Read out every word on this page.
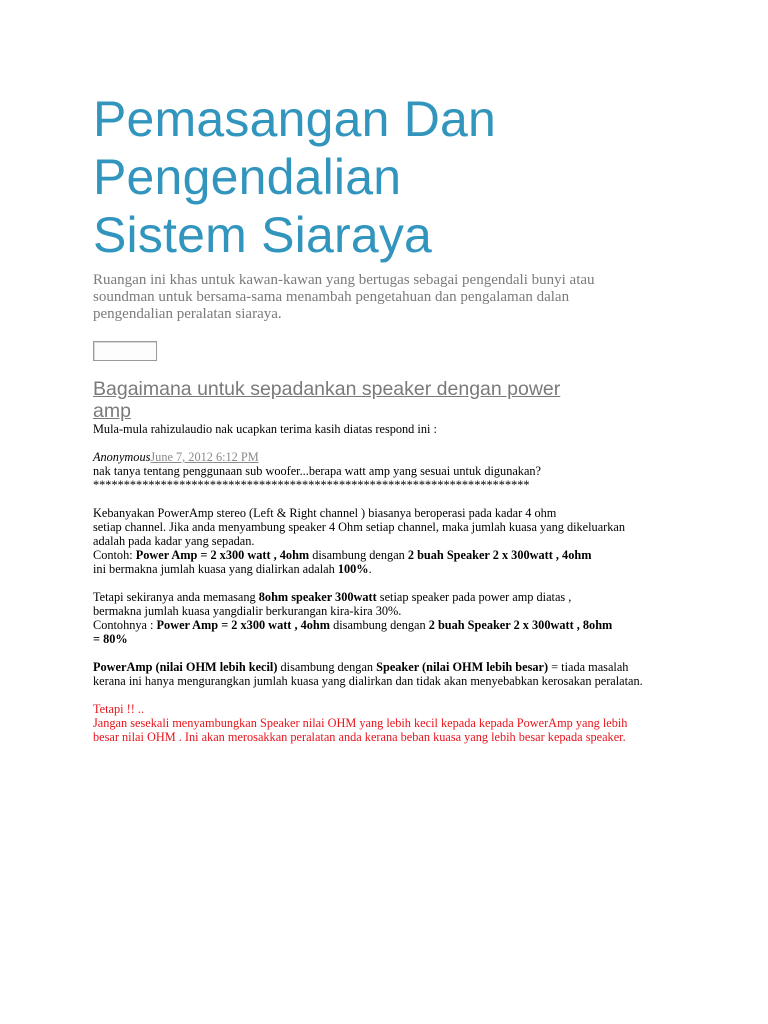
Pemasangan Dan
Pengendalian
Sistem Siaraya
Ruangan ini khas untuk kawan-kawan yang bertugas sebagai pengendali bunyi atau
soundman untuk bersama-sama menambah pengetahuan dan pengalaman dalan
pengendalian peralatan siaraya.
Bagaimana untuk sepadankan speaker dengan power
amp
Mula-mula rahizulaudio nak ucapkan terima kasih diatas respond ini :
AnonymousJune 7, 2012 6:12 PM
nak tanya tentang penggunaan sub woofer...berapa watt amp yang sesuai untuk digunakan?
***********************************************************************
Kebanyakan PowerAmp stereo (Left & Right channel ) biasanya beroperasi pada kadar 4 ohm
setiap channel. Jika anda menyambung speaker 4 Ohm setiap channel, maka jumlah kuasa yang dikeluarkan
adalah pada kadar yang sepadan.
Contoh: Power Amp = 2 x300 watt , 4ohm disambung dengan 2 buah Speaker 2 x 300watt , 4ohm
ini bermakna jumlah kuasa yang dialirkan adalah 100%.
Tetapi sekiranya anda memasang 8ohm speaker 300watt setiap speaker pada power amp diatas ,
bermakna jumlah kuasa yangdialir berkurangan kira-kira 30%.
Contohnya : Power Amp = 2 x300 watt , 4ohm disambung dengan 2 buah Speaker 2 x 300watt , 8ohm
= 80%
PowerAmp (nilai OHM lebih kecil) disambung dengan Speaker (nilai OHM lebih besar) = tiada masalah
kerana ini hanya mengurangkan jumlah kuasa yang dialirkan dan tidak akan menyebabkan kerosakan peralatan.
Tetapi !! ..
Jangan sesekali menyambungkan Speaker nilai OHM yang lebih kecil kepada kepada PowerAmp yang lebih
besar nilai OHM . Ini akan merosakkan peralatan anda kerana beban kuasa yang lebih besar kepada speaker.
